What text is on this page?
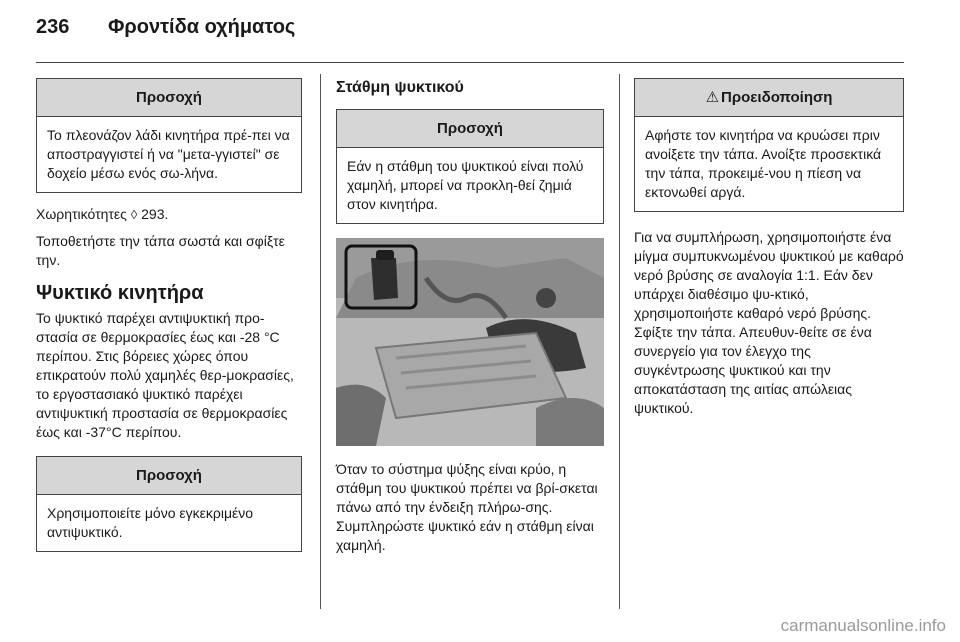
236	Φροντίδα οχήματος
Προσοχή
Το πλεονάζον λάδι κινητήρα πρέ-πει να αποστραγγιστεί ή να "μετα-γγιστεί" σε δοχείο μέσω ενός σω-λήνα.

Χωρητικότητες ◊ 293.

Τοποθετήστε την τάπα σωστά και σφίξτε την.

Ψυκτικό κινητήρα

Το ψυκτικό παρέχει αντιψυκτική προ-στασία σε θερμοκρασίες έως και -28 °C περίπου. Στις βόρειες χώρες όπου επικρατούν πολύ χαμηλές θερ-μοκρασίες, το εργοστασιακό ψυκτικό παρέχει αντιψυκτική προστασία σε θερμοκρασίες έως και -37°C περίπου.

Προσοχή
Χρησιμοποιείτε μόνο εγκεκριμένο αντιψυκτικό.
Στάθμη ψυκτικού
Προσοχή
Εάν η στάθμη του ψυκτικού είναι πολύ χαμηλή, μπορεί να προκλη-θεί ζημιά στον κινητήρα.

Όταν το σύστημα ψύξης είναι κρύο, η στάθμη του ψυκτικού πρέπει να βρί-σκεται πάνω από την ένδειξη πλήρω-σης. Συμπληρώστε ψυκτικό εάν η στάθμη είναι χαμηλή.

⚠ Προειδοποίηση
Αφήστε τον κινητήρα να κρυώσει πριν ανοίξετε την τάπα. Ανοίξτε προσεκτικά την τάπα, προκειμέ-νου η πίεση να εκτονωθεί αργά.

Για να συμπλήρωση, χρησιμοποιήστε ένα μίγμα συμπυκνωμένου ψυκτικού με καθαρό νερό βρύσης σε αναλογία 1:1. Εάν δεν υπάρχει διαθέσιμο ψυ-κτικό, χρησιμοποιήστε καθαρό νερό βρύσης. Σφίξτε την τάπα. Απευθυν-θείτε σε ένα συνεργείο για τον έλεγχο της συγκέντρωσης ψυκτικού και την αποκατάσταση της αιτίας απώλειας ψυκτικού.

carmanualsonline.info
